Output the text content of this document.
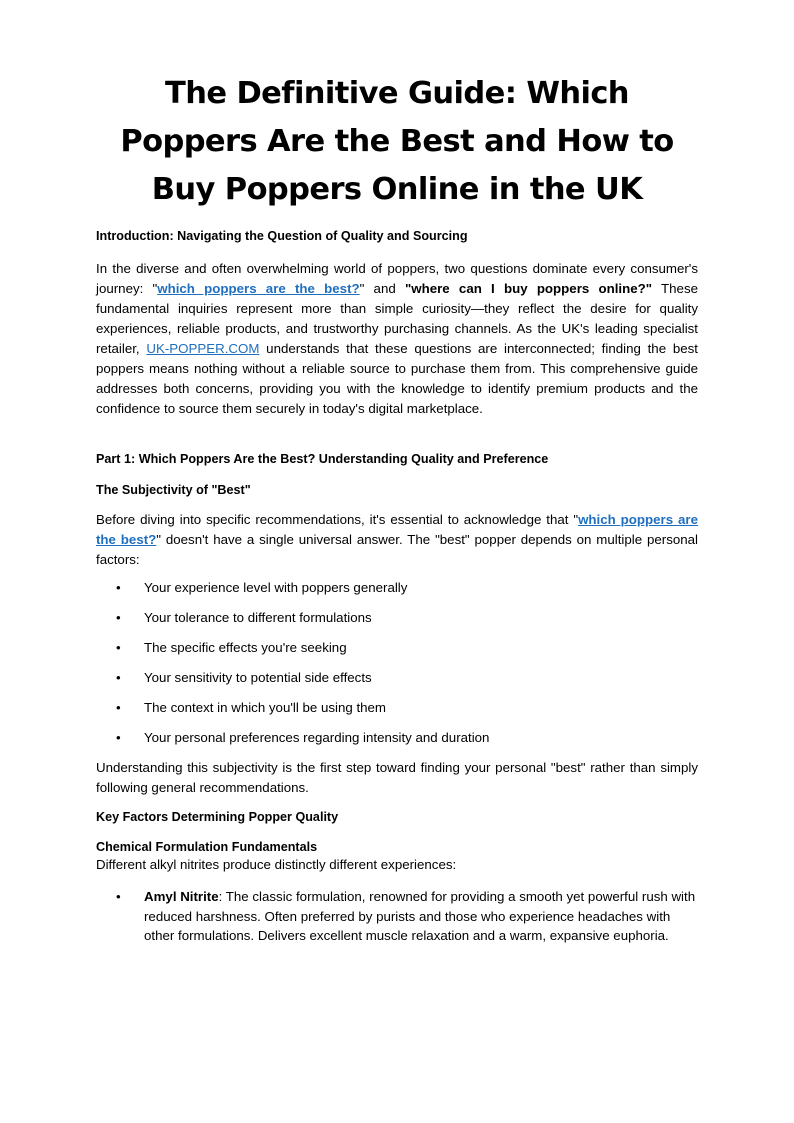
The Definitive Guide: Which Poppers Are the Best and How to Buy Poppers Online in the UK
Introduction: Navigating the Question of Quality and Sourcing

In the diverse and often overwhelming world of poppers, two questions dominate every consumer's journey: "which poppers are the best?" and "where can I buy poppers online?" These fundamental inquiries represent more than simple curiosity—they reflect the desire for quality experiences, reliable products, and trustworthy purchasing channels. As the UK's leading specialist retailer, UK-POPPER.COM understands that these questions are interconnected; finding the best poppers means nothing without a reliable source to purchase them from. This comprehensive guide addresses both concerns, providing you with the knowledge to identify premium products and the confidence to source them securely in today's digital marketplace.

Part 1: Which Poppers Are the Best? Understanding Quality and Preference
The Subjectivity of "Best"

Before diving into specific recommendations, it's essential to acknowledge that "which poppers are the best?" doesn't have a single universal answer. The "best" popper depends on multiple personal factors:

• Your experience level with poppers generally
• Your tolerance to different formulations
• The specific effects you're seeking
• Your sensitivity to potential side effects
• The context in which you'll be using them
• Your personal preferences regarding intensity and duration

Understanding this subjectivity is the first step toward finding your personal "best" rather than simply following general recommendations.

Key Factors Determining Popper Quality
Chemical Formulation Fundamentals

Different alkyl nitrites produce distinctly different experiences:

• Amyl Nitrite: The classic formulation, renowned for providing a smooth yet powerful rush with reduced harshness. Often preferred by purists and those who experience headaches with other formulations. Delivers excellent muscle relaxation and a warm, expansive euphoria.
